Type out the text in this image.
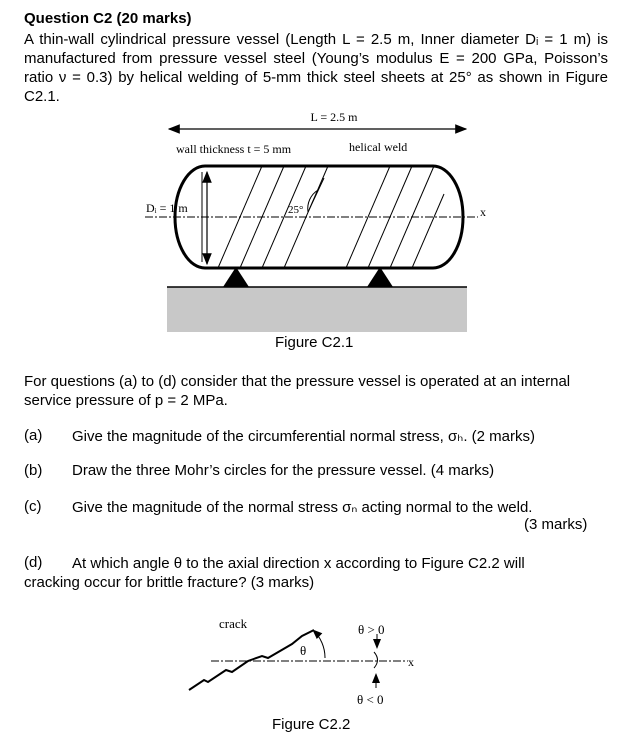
Question C2 (20 marks)
A thin-wall cylindrical pressure vessel (Length L = 2.5 m, Inner diameter Dᵢ = 1 m) is manufactured from pressure vessel steel (Young’s modulus E = 200 GPa, Poisson’s ratio ν = 0.3) by helical welding of 5-mm thick steel sheets at 25° as shown in Figure C2.1.
L = 2.5 m
wall thickness t = 5 mm	helical weld
Dᵢ = 1 m	25°	x
x
crack
θ
θ > 0
θ < 0
Figure C2.1
For questions (a) to (d) consider that the pressure vessel is operated at an internal service pressure of p = 2 MPa.
(a) Give the magnitude of the circumferential normal stress, σₕ. (2 marks)
(b) Draw the three Mohr’s circles for the pressure vessel. (4 marks)
(c) Give the magnitude of the normal stress σₙ acting normal to the weld.
(3 marks)
(d)	At which angle θ to the axial direction x according to Figure C2.2 will cracking occur for brittle fracture? (3 marks)
Figure C2.2
